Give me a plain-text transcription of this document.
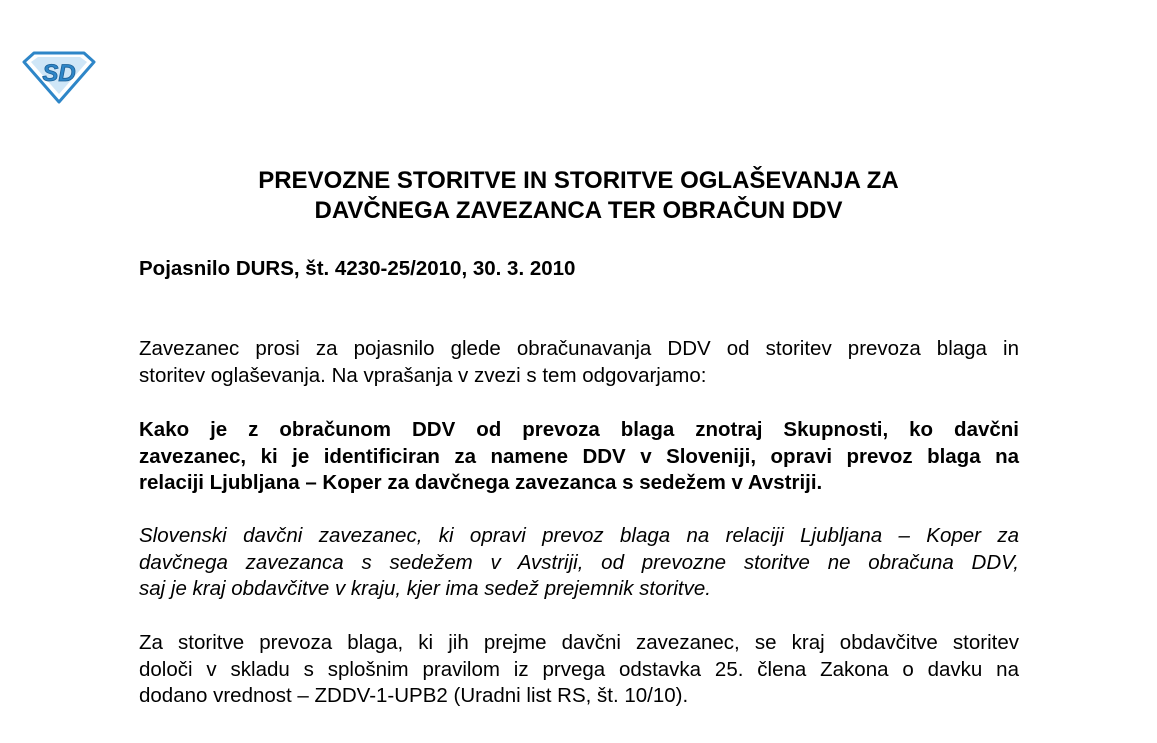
SD
PREVOZNE STORITVE IN STORITVE OGLAŠEVANJA ZA
DAVČNEGA ZAVEZANCA TER OBRAČUN DDV
Pojasnilo DURS, št. 4230-25/2010, 30. 3. 2010
Zavezanec prosi za pojasnilo glede obračunavanja DDV od storitev prevoza blaga in
storitev oglaševanja. Na vprašanja v zvezi s tem odgovarjamo:
Kako je z obračunom DDV od prevoza blaga znotraj Skupnosti, ko davčni
zavezanec, ki je identificiran za namene DDV v Sloveniji, opravi prevoz blaga na
relaciji Ljubljana – Koper za davčnega zavezanca s sedežem v Avstriji.
Slovenski davčni zavezanec, ki opravi prevoz blaga na relaciji Ljubljana – Koper za
davčnega zavezanca s sedežem v Avstriji, od prevozne storitve ne obračuna DDV,
saj je kraj obdavčitve v kraju, kjer ima sedež prejemnik storitve.
Za storitve prevoza blaga, ki jih prejme davčni zavezanec, se kraj obdavčitve storitev
določi v skladu s splošnim pravilom iz prvega odstavka 25. člena Zakona o davku na
dodano vrednost – ZDDV-1-UPB2 (Uradni list RS, št. 10/10).
